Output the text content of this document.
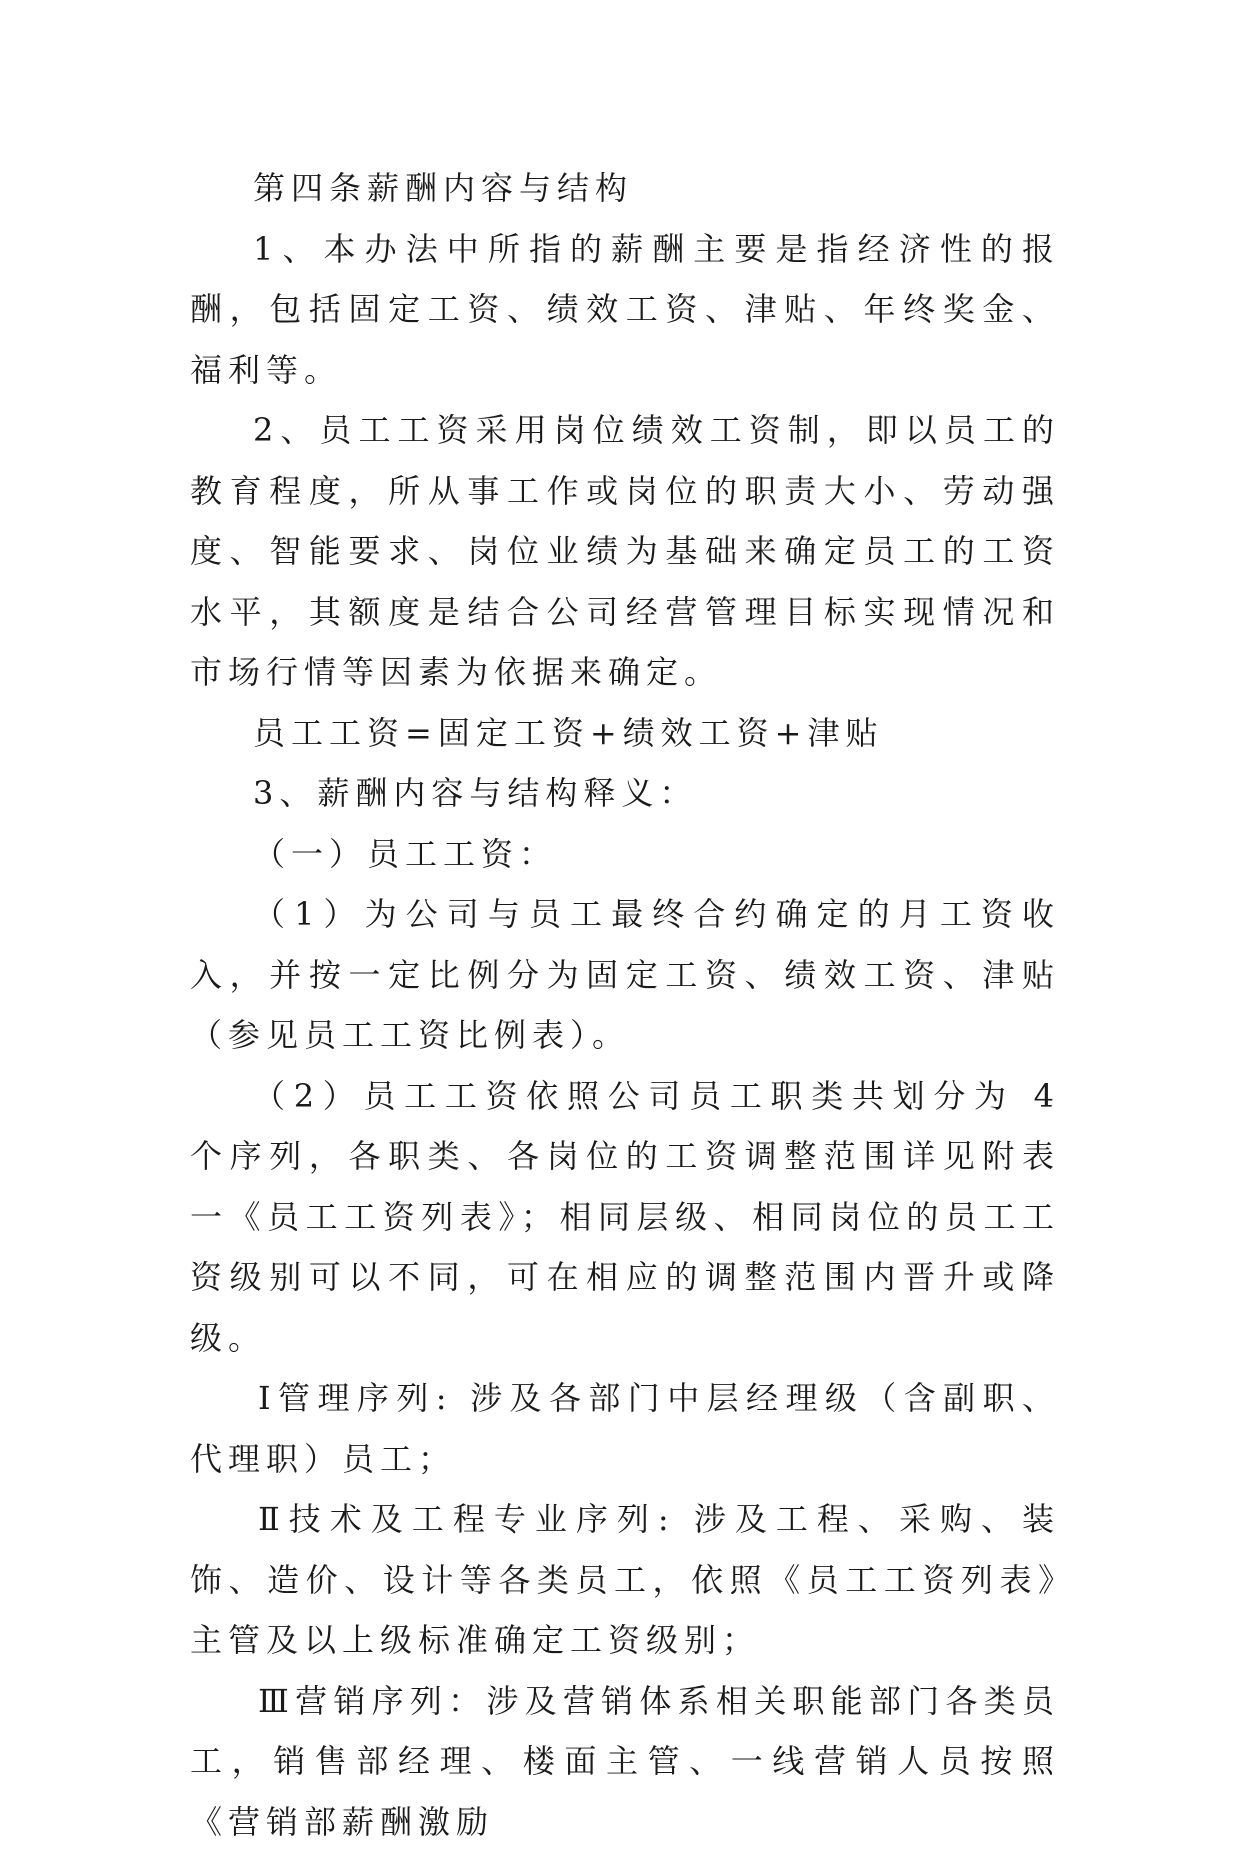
第四条薪酬内容与结构

1、本办法中所指的薪酬主要是指经济性的报酬，包括固定工资、绩效工资、津贴、年终奖金、福利等。

2、员工工资采用岗位绩效工资制，即以员工的教育程度，所从事工作或岗位的职责大小、劳动强度、智能要求、岗位业绩为基础来确定员工的工资水平，其额度是结合公司经营管理目标实现情况和市场行情等因素为依据来确定。

员工工资=固定工资+绩效工资+津贴

3、薪酬内容与结构释义：

（一）员工工资：

（1）为公司与员工最终合约确定的月工资收入，并按一定比例分为固定工资、绩效工资、津贴（参见员工工资比例表）。

（2）员工工资依照公司员工职类共划分为 4 个序列，各职类、各岗位的工资调整范围详见附表一《员工工资列表》；相同层级、相同岗位的员工工资级别可以不同，可在相应的调整范围内晋升或降级。

Ⅰ管理序列: 涉及各部门中层经理级（含副职、代理职）员工；

Ⅱ技术及工程专业序列: 涉及工程、采购、装饰、造价、设计等各类员工，依照《员工工资列表》主管及以上级标准确定工资级别；

Ⅲ营销序列：涉及营销体系相关职能部门各类员工，销售部经理、楼面主管、一线营销人员按照《营销部薪酬激励
